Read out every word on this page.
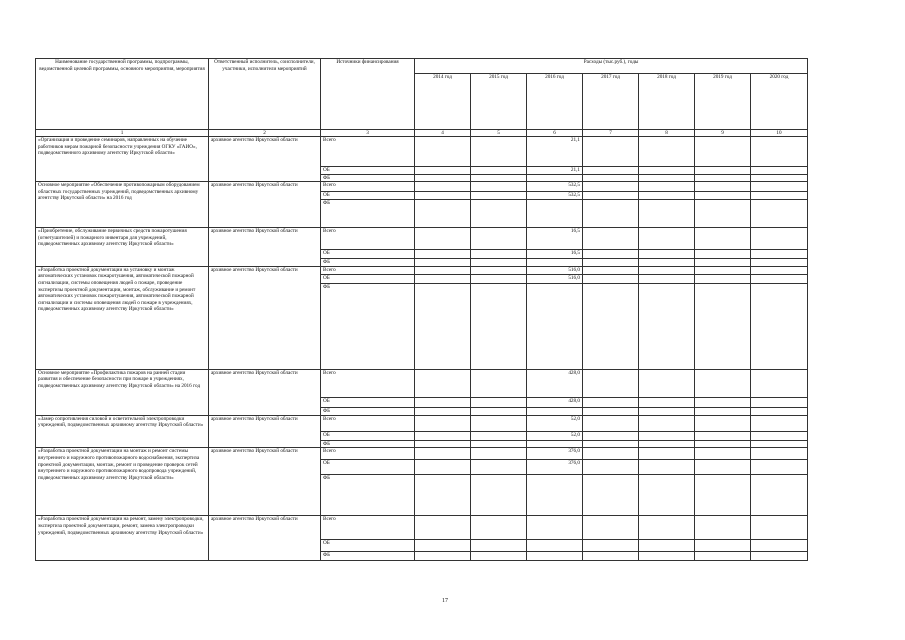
Наименование государственной программы, подпрограммы, ведомственной целевой программы, основного мероприятия, мероприятия	Ответственный исполнитель, соисполнители, участники, исполнители мероприятий	Источники финансирования	Расходы (тыс.руб.), годы						
			2014 год	2015 год	2016 год	2017 год	2018 год	2019 год	2020 год
1	2	3	4	5	6	7	8	9	10
«Организация и проведение семинаров, направленных на обучение работников мерам пожарной безопасности учреждения ОГКУ «ГАИО», подведомственного архивному агентству Иркутской области»	архивное агентство Иркутской области	Всего			21,1				
		ОБ			21,1				
		ФБ							
Основное мероприятие «Обеспечение противопожарным оборудованием областных государственных учреждений, подведомственных архивному агентству Иркутской области» на 2016 год	архивное агентство Иркутской области	Всего			532,5				
		ОБ			532,5				
		ФБ							
«Приобретение, обслуживание первичных средств пожаротушения (огнетушителей) и пожарного инвентаря для учреждений, подведомственных архивному агентству Иркутской области»	архивное агентство Иркутской области	Всего			16,5				
		ОБ			16,5				
		ФБ							
«Разработка проектной документации на установку и монтаж автоматических установок пожаротушения, автоматической пожарной сигнализации, системы оповещения людей о пожаре, проведение экспертизы проектной документации, монтаж, обслуживание и ремонт автоматических установок пожаротушения, автоматической пожарной сигнализации и системы оповещения людей о пожаре в учреждениях, подведомственных архивному агентству Иркутской области»	архивное агентство Иркутской области	Всего			516,0				
		ОБ			516,0				
		ФБ							
Основное мероприятие «Профилактика пожаров на ранней стадии развития и обеспечение безопасности при пожаре в учреждениях, подведомственных архивному агентству Иркутской области» на 2016 год	архивное агентство Иркутской области	Всего			428,0				
		ОБ			428,0				
		ФБ							
«Замер сопротивления силовой и осветительной электропроводки учреждений, подведомственных архивному агентству Иркутской области»	архивное агентство Иркутской области	Всего			52,0				
		ОБ			52,0				
		ФБ							
«Разработка проектной документации на монтаж и ремонт системы внутреннего и наружного противопожарного водоснабжения, экспертиза проектной документации, монтаж, ремонт и проведение проверок сетей внутреннего и наружного противопожарного водопровода учреждений, подведомственных архивному агентству Иркутской области»	архивное агентство Иркутской области	Всего			376,0				
		ОБ			376,0				
		ФБ							
«Разработка проектной документации на ремонт, замену электропроводки, экспертиза проектной документации, ремонт, замена электропроводки учреждений, подведомственных архивному агентству Иркутской области»	архивное агентство Иркутской области	Всего							
		ОБ							
		ФБ							
17
